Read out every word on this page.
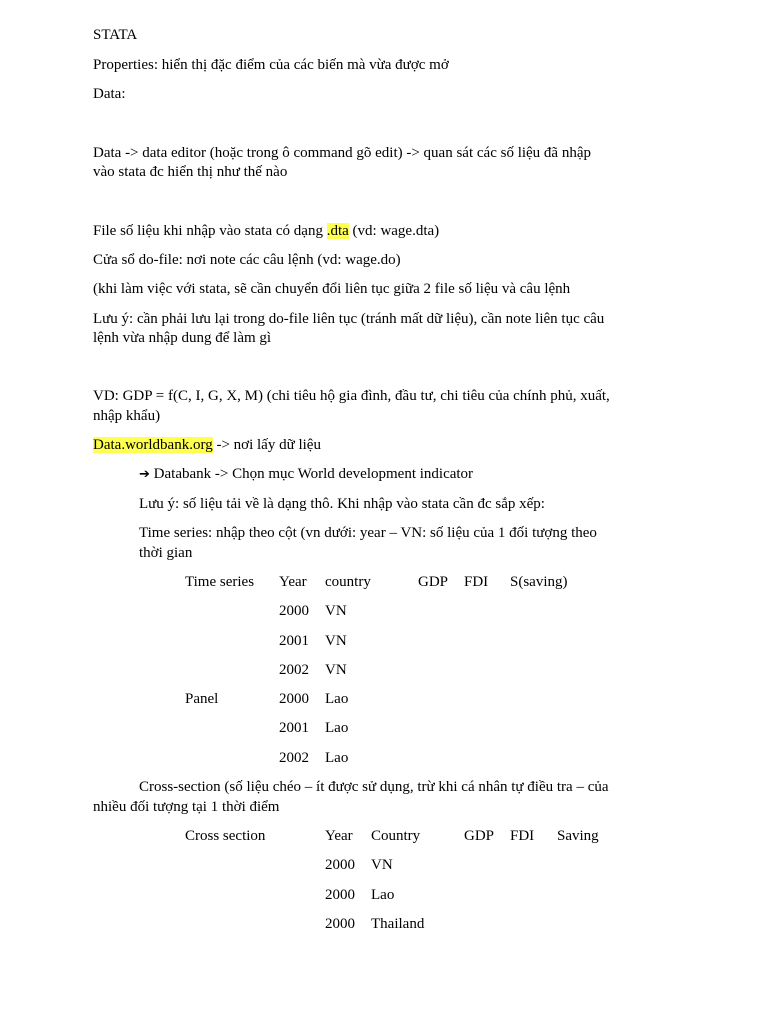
STATA
Properties: hiển thị đặc điểm của các biến mà vừa được mở
Data:
Data -> data editor (hoặc trong ô command gõ edit) -> quan sát các số liệu đã nhập
vào stata đc hiển thị như thế nào
File số liệu khi nhập vào stata có dạng .dta (vd: wage.dta)
Cửa sổ do-file: nơi note các câu lệnh (vd: wage.do)
(khi làm việc với stata, sẽ cần chuyển đổi liên tục giữa 2 file số liệu và câu lệnh
Lưu ý: cần phải lưu lại trong do-file liên tục (tránh mất dữ liệu), cần note liên tục câu
lệnh vừa nhập dung để làm gì
VD: GDP = f(C, I, G, X, M) (chi tiêu hộ gia đình, đầu tư, chi tiêu của chính phủ, xuất,
nhập khẩu)
Data.worldbank.org -> nơi lấy dữ liệu
➔ Databank -> Chọn mục World development indicator
Lưu ý: số liệu tải về là dạng thô. Khi nhập vào stata cần đc sắp xếp:
Time series: nhập theo cột (vn dưới: year – VN: số liệu của 1 đối tượng theo
thời gian
Time series Year country	GDP FDI S(saving)
2000 VN
2001 VN
2002 VN
Panel	2000 Lao
2001 Lao
2002 Lao
Cross-section (số liệu chéo – ít được sử dụng, trừ khi cá nhân tự điều tra – của
nhiều đối tượng tại 1 thời điểm
Cross section	Year Country	GDP FDI Saving
2000 VN
2000 Lao
2000 Thailand
